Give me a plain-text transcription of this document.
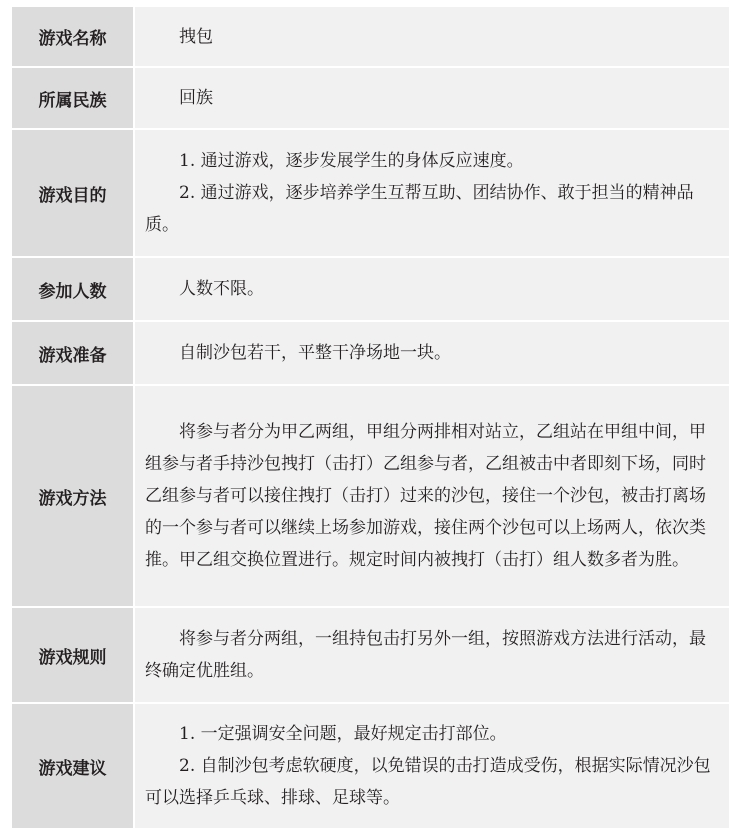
游戏名称	拽包

所属民族	回族

游戏目的	1. 通过游戏，逐步发展学生的身体反应速度。

2. 通过游戏，逐步培养学生互帮互助、团结协作、敢于担当的精神品质。

参加人数	人数不限。

游戏准备	自制沙包若干，平整干净场地一块。

游戏方法	将参与者分为甲乙两组，甲组分两排相对站立，乙组站在甲组中间，甲组参与者手持沙包拽打（击打）乙组参与者，乙组被击中者即刻下场，同时乙组参与者可以接住拽打（击打）过来的沙包，接住一个沙包，被击打离场的一个参与者可以继续上场参加游戏，接住两个沙包可以上场两人，依次类推。甲乙组交换位置进行。规定时间内被拽打（击打）组人数多者为胜。

游戏规则	将参与者分两组，一组持包击打另外一组，按照游戏方法进行活动，最终确定优胜组。

游戏建议	1. 一定强调安全问题，最好规定击打部位。

2. 自制沙包考虑软硬度，以免错误的击打造成受伤，根据实际情况沙包可以选择乒乓球、排球、足球等。
